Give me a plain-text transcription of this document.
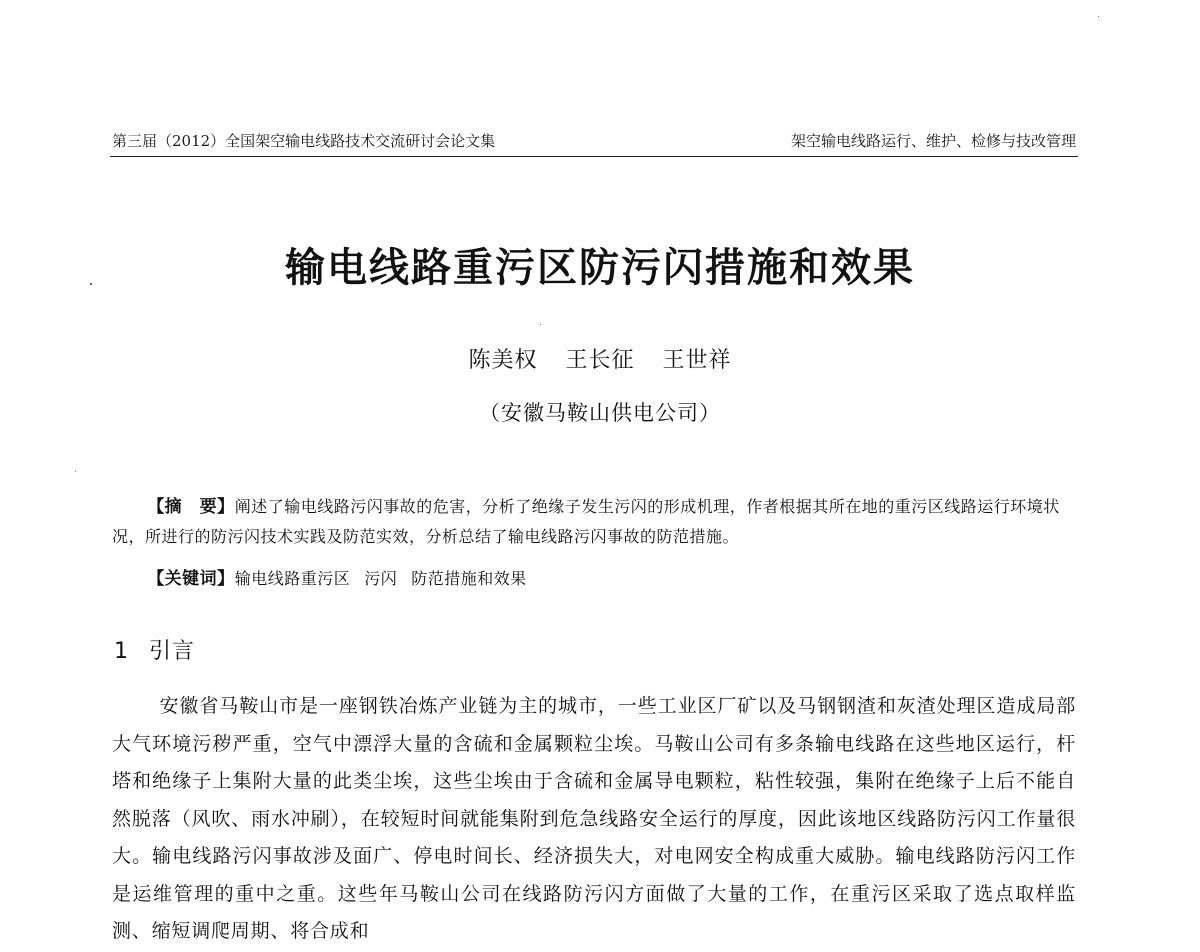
第三届（2012）全国架空输电线路技术交流研讨会论文集	架空输电线路运行、维护、检修与技改管理
输电线路重污区防污闪措施和效果
陈美权 王长征 王世祥
（安徽马鞍山供电公司）

【摘　要】阐述了输电线路污闪事故的危害，分析了绝缘子发生污闪的形成机理，作者根据其所在地的重污区线路运行环境状况，所进行的防污闪技术实践及防范实效，分析总结了输电线路污闪事故的防范措施。

【关键词】输电线路重污区 污闪 防范措施和效果
1 引言

安徽省马鞍山市是一座钢铁冶炼产业链为主的城市，一些工业区厂矿以及马钢钢渣和灰渣处理区造成局部大气环境污秽严重，空气中漂浮大量的含硫和金属颗粒尘埃。马鞍山公司有多条输电线路在这些地区运行，杆塔和绝缘子上集附大量的此类尘埃，这些尘埃由于含硫和金属导电颗粒，粘性较强，集附在绝缘子上后不能自然脱落（风吹、雨水冲刷），在较短时间就能集附到危急线路安全运行的厚度，因此该地区线路防污闪工作量很大。输电线路污闪事故涉及面广、停电时间长、经济损失大，对电网安全构成重大威胁。输电线路防污闪工作是运维管理的重中之重。这些年马鞍山公司在线路防污闪方面做了大量的工作，在重污区采取了选点取样监测、缩短调爬周期、将合成和
